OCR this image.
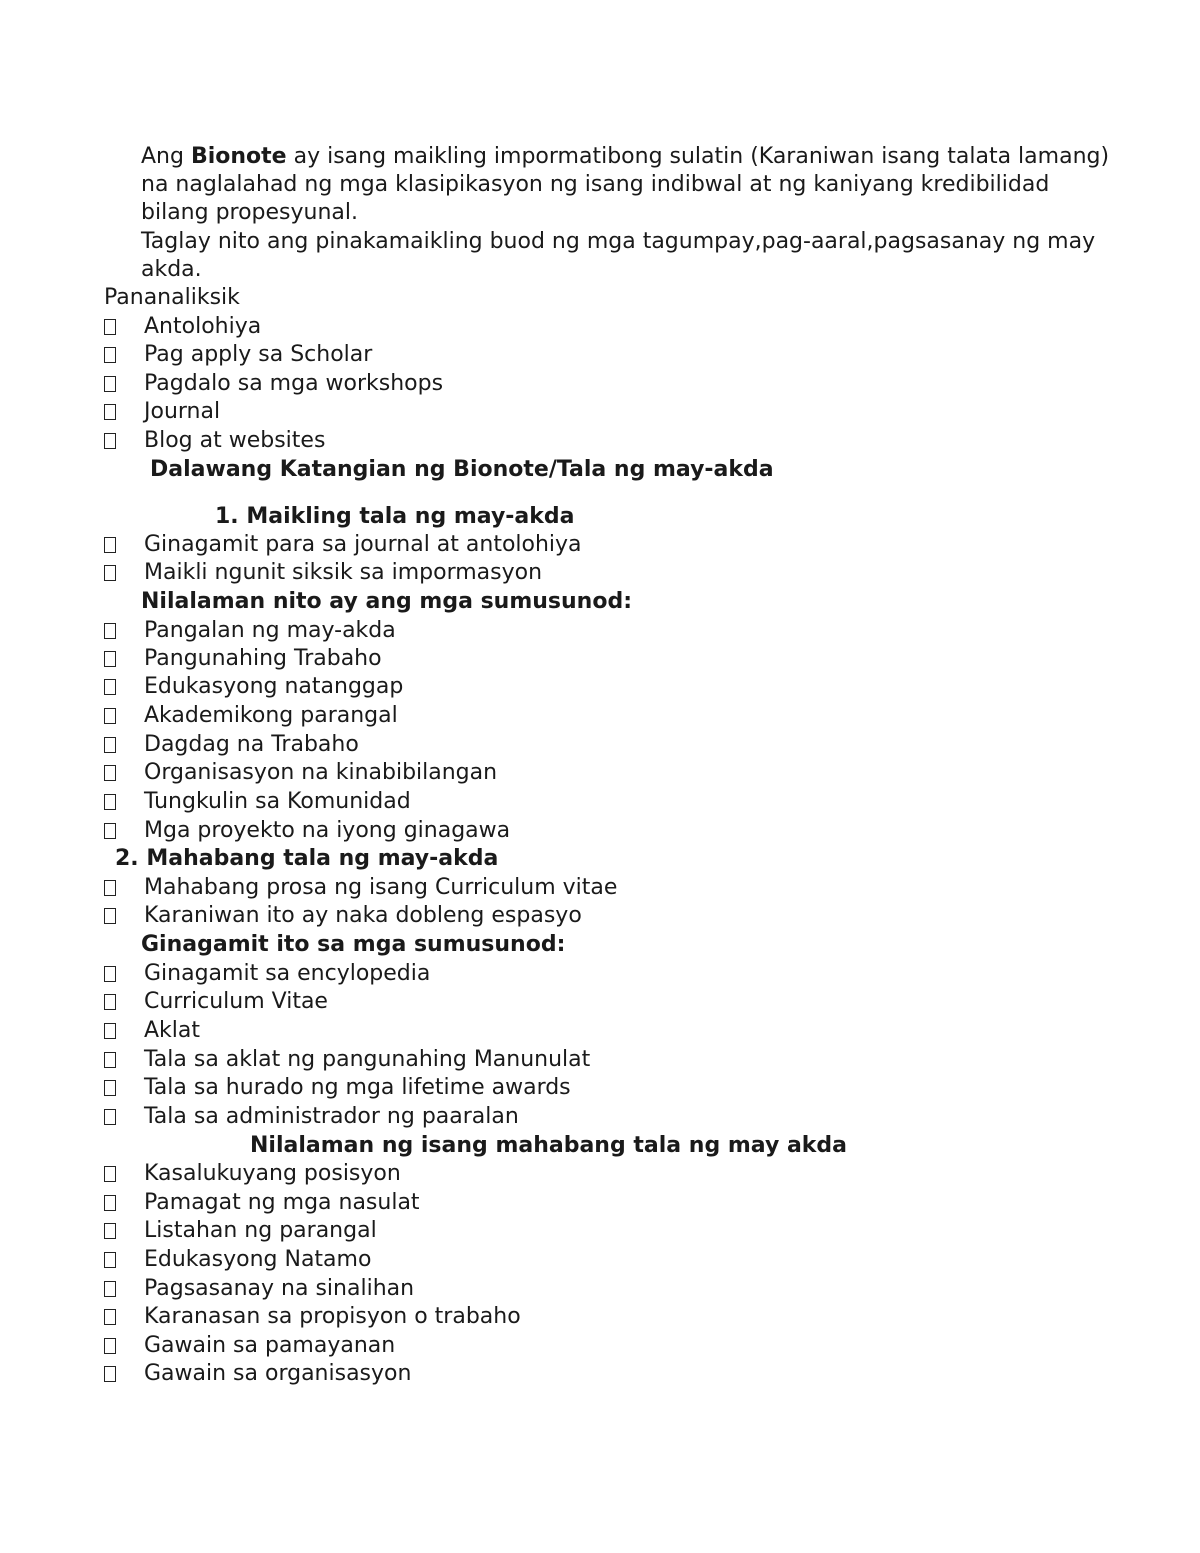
Ang Bionote ay isang maikling impormatibong sulatin (Karaniwan isang talata lamang)
na naglalahad ng mga klasipikasyon ng isang indibwal at ng kaniyang kredibilidad
bilang propesyunal.
Taglay nito ang pinakamaikling buod ng mga tagumpay,pag-aaral,pagsasanay ng may
akda.
Pananaliksik
Antolohiya
Pag apply sa Scholar
Pagdalo sa mga workshops
Journal
Blog at websites
Dalawang Katangian ng Bionote/Tala ng may-akda
1. Maikling tala ng may-akda
Ginagamit para sa journal at antolohiya
Maikli ngunit siksik sa impormasyon
Nilalaman nito ay ang mga sumusunod:
Pangalan ng may-akda
Pangunahing Trabaho
Edukasyong natanggap
Akademikong parangal
Dagdag na Trabaho
Organisasyon na kinabibilangan
Tungkulin sa Komunidad
Mga proyekto na iyong ginagawa
2. Mahabang tala ng may-akda
Mahabang prosa ng isang Curriculum vitae
Karaniwan ito ay naka dobleng espasyo
Ginagamit ito sa mga sumusunod:
Ginagamit sa encylopedia
Curriculum Vitae
Aklat
Tala sa aklat ng pangunahing Manunulat
Tala sa hurado ng mga lifetime awards
Tala sa administrador ng paaralan
Nilalaman ng isang mahabang tala ng may akda
Kasalukuyang posisyon
Pamagat ng mga nasulat
Listahan ng parangal
Edukasyong Natamo
Pagsasanay na sinalihan
Karanasan sa propisyon o trabaho
Gawain sa pamayanan
Gawain sa organisasyon
